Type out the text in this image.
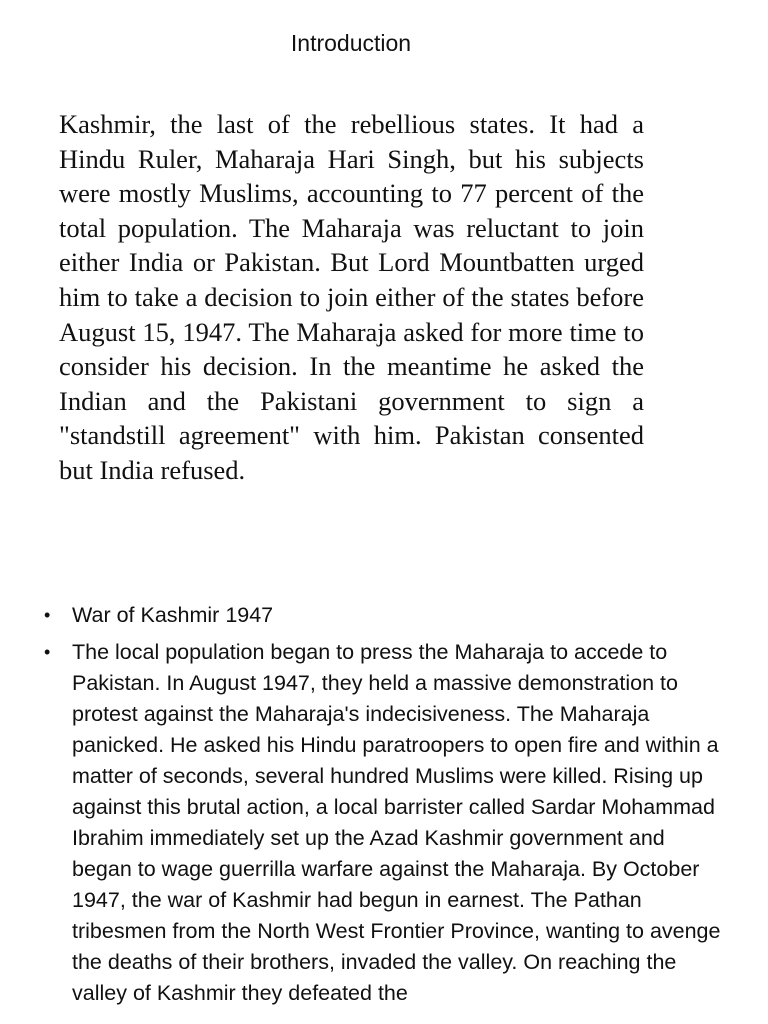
Introduction

Kashmir, the last of the rebellious states. It had a Hindu Ruler, Maharaja Hari Singh, but his subjects were mostly Muslims, accounting to 77 percent of the total population. The Maharaja was reluctant to join either India or Pakistan. But Lord Mountbatten urged him to take a decision to join either of the states before August 15, 1947. The Maharaja asked for more time to consider his decision. In the meantime he asked the Indian and the Pakistani government to sign a "standstill agreement" with him. Pakistan consented but India refused.

• War of Kashmir 1947
• The local population began to press the Maharaja to accede to Pakistan. In August 1947, they held a massive demonstration to protest against the Maharaja's indecisiveness. The Maharaja panicked. He asked his Hindu paratroopers to open fire and within a matter of seconds, several hundred Muslims were killed. Rising up against this brutal action, a local barrister called Sardar Mohammad Ibrahim immediately set up the Azad Kashmir government and began to wage guerrilla warfare against the Maharaja. By October 1947, the war of Kashmir had begun in earnest. The Pathan tribesmen from the North West Frontier Province, wanting to avenge the deaths of their brothers, invaded the valley. On reaching the valley of Kashmir they defeated the
